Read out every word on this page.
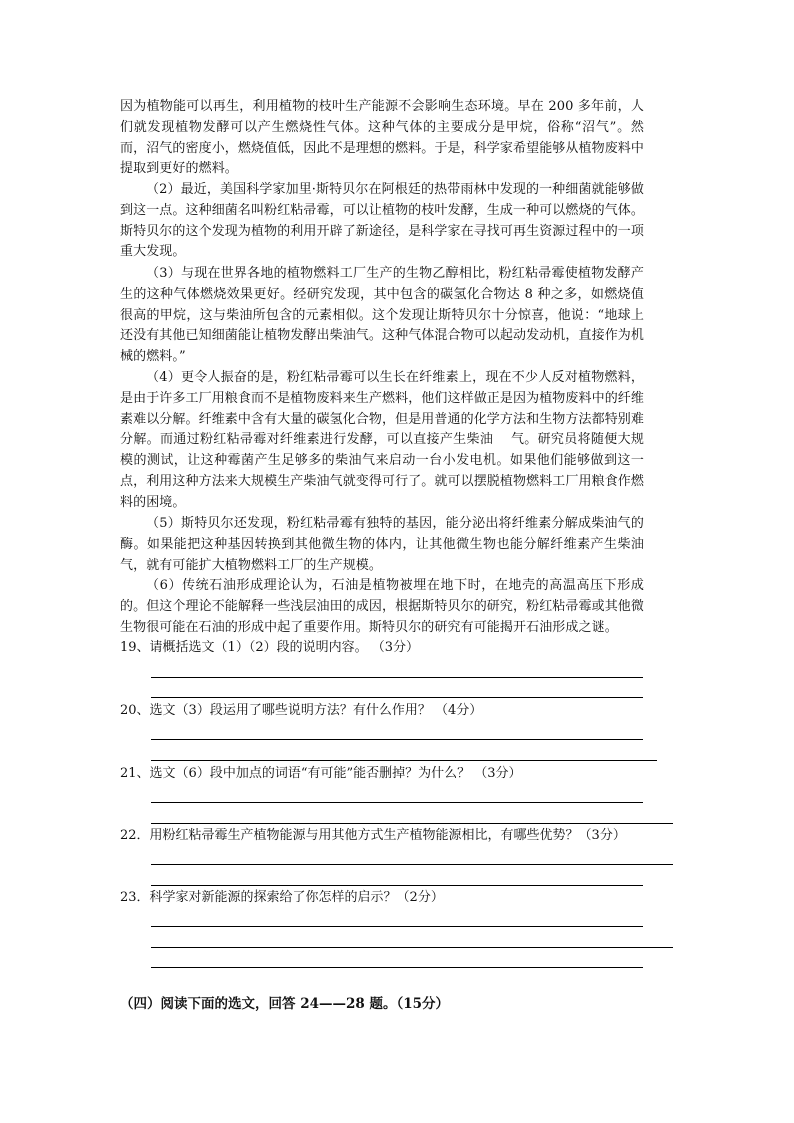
因为植物能可以再生，利用植物的枝叶生产能源不会影响生态环境。早在 200 多年前，人们就发现植物发酵可以产生燃烧性气体。这种气体的主要成分是甲烷，俗称“沼气”。然而，沼气的密度小，燃烧值低，因此不是理想的燃料。于是，科学家希望能够从植物废料中提取到更好的燃料。

（2）最近，美国科学家加里·斯特贝尔在阿根廷的热带雨林中发现的一种细菌就能够做到这一点。这种细菌名叫粉红粘帚霉，可以让植物的枝叶发酵，生成一种可以燃烧的气体。斯特贝尔的这个发现为植物的利用开辟了新途径，是科学家在寻找可再生资源过程中的一项重大发现。

（3）与现在世界各地的植物燃料工厂生产的生物乙醇相比，粉红粘帚霉使植物发酵产生的这种气体燃烧效果更好。经研究发现，其中包含的碳氢化合物达 8 种之多，如燃烧值很高的甲烷，这与柴油所包含的元素相似。这个发现让斯特贝尔十分惊喜，他说：“地球上还没有其他已知细菌能让植物发酵出柴油气。这种气体混合物可以起动发动机，直接作为机械的燃料。”

（4）更令人振奋的是，粉红粘帚霉可以生长在纤维素上，现在不少人反对植物燃料，是由于许多工厂用粮食而不是植物废料来生产燃料，他们这样做正是因为植物废料中的纤维素难以分解。纤维素中含有大量的碳氢化合物，但是用普通的化学方法和生物方法都特别难分解。而通过粉红粘帚霉对纤维素进行发酵，可以直接产生柴油　 气。研究员将随便大规模的测试，让这种霉菌产生足够多的柴油气来启动一台小发电机。如果他们能够做到这一点，利用这种方法来大规模生产柴油气就变得可行了。就可以摆脱植物燃料工厂用粮食作燃料的困境。

（5）斯特贝尔还发现，粉红粘帚霉有独特的基因，能分泌出将纤维素分解成柴油气的酶。如果能把这种基因转换到其他微生物的体内，让其他微生物也能分解纤维素产生柴油气，就有可能扩大植物燃料工厂的生产规模。

（6）传统石油形成理论认为，石油是植物被埋在地下时，在地壳的高温高压下形成的。但这个理论不能解释一些浅层油田的成因，根据斯特贝尔的研究，粉红粘帚霉或其他微生物很可能在石油的形成中起了重要作用。斯特贝尔的研究有可能揭开石油形成之谜。

19、请概括选文（1）（2）段的说明内容。 （3分）

20、选文（3）段运用了哪些说明方法？有什么作用？ （4分）

21、选文（6）段中加点的词语“有可能”能否删掉？为什么？ （3分）

22．用粉红粘帚霉生产植物能源与用其他方式生产植物能源相比，有哪些优势？（3分）

23．科学家对新能源的探索给了你怎样的启示？（2分）

（四）阅读下面的选文，回答 24——28 题。（15分）
